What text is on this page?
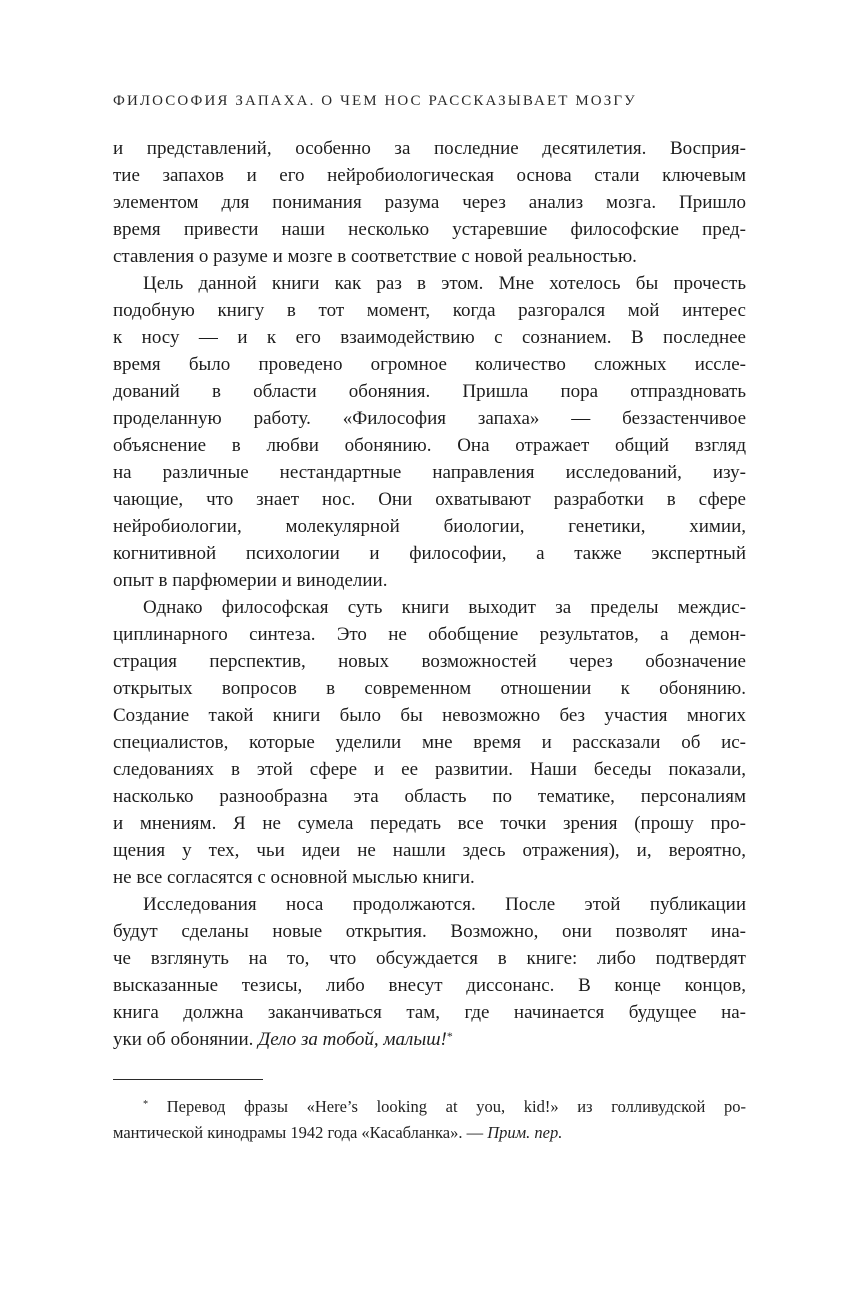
ФИЛОСОФИЯ ЗАПАХА. О ЧЕМ НОС РАССКАЗЫВАЕТ МОЗГУ
и представлений, особенно за последние десятилетия. Восприя-
тие запахов и его нейробиологическая основа стали ключевым
элементом для понимания разума через анализ мозга. Пришло
время привести наши несколько устаревшие философские пред-
ставления о разуме и мозге в соответствие с новой реальностью.
Цель данной книги как раз в этом. Мне хотелось бы прочесть
подобную книгу в тот момент, когда разгорался мой интерес
к носу — и к его взаимодействию с сознанием. В последнее
время было проведено огромное количество сложных иссле-
дований в области обоняния. Пришла пора отпраздновать
проделанную работу. «Философия запаха» — беззастенчивое
объяснение в любви обонянию. Она отражает общий взгляд
на различные нестандартные направления исследований, изу-
чающие, что знает нос. Они охватывают разработки в сфере
нейробиологии, молекулярной биологии, генетики, химии,
когнитивной психологии и философии, а также экспертный
опыт в парфюмерии и виноделии.
Однако философская суть книги выходит за пределы междис-
циплинарного синтеза. Это не обобщение результатов, а демон-
страция перспектив, новых возможностей через обозначение
открытых вопросов в современном отношении к обонянию.
Создание такой книги было бы невозможно без участия многих
специалистов, которые уделили мне время и рассказали об ис-
следованиях в этой сфере и ее развитии. Наши беседы показали,
насколько разнообразна эта область по тематике, персоналиям
и мнениям. Я не сумела передать все точки зрения (прошу про-
щения у тех, чьи идеи не нашли здесь отражения), и, вероятно,
не все согласятся с основной мыслью книги.
Исследования носа продолжаются. После этой публикации
будут сделаны новые открытия. Возможно, они позволят ина-
че взглянуть на то, что обсуждается в книге: либо подтвердят
высказанные тезисы, либо внесут диссонанс. В конце концов,
книга должна заканчиваться там, где начинается будущее на-
уки об обонянии. Дело за тобой, малыш!*
* Перевод фразы «Here’s looking at you, kid!» из голливудской ро-
мантической кинодрамы 1942 года «Касабланка». — Прим. пер.
